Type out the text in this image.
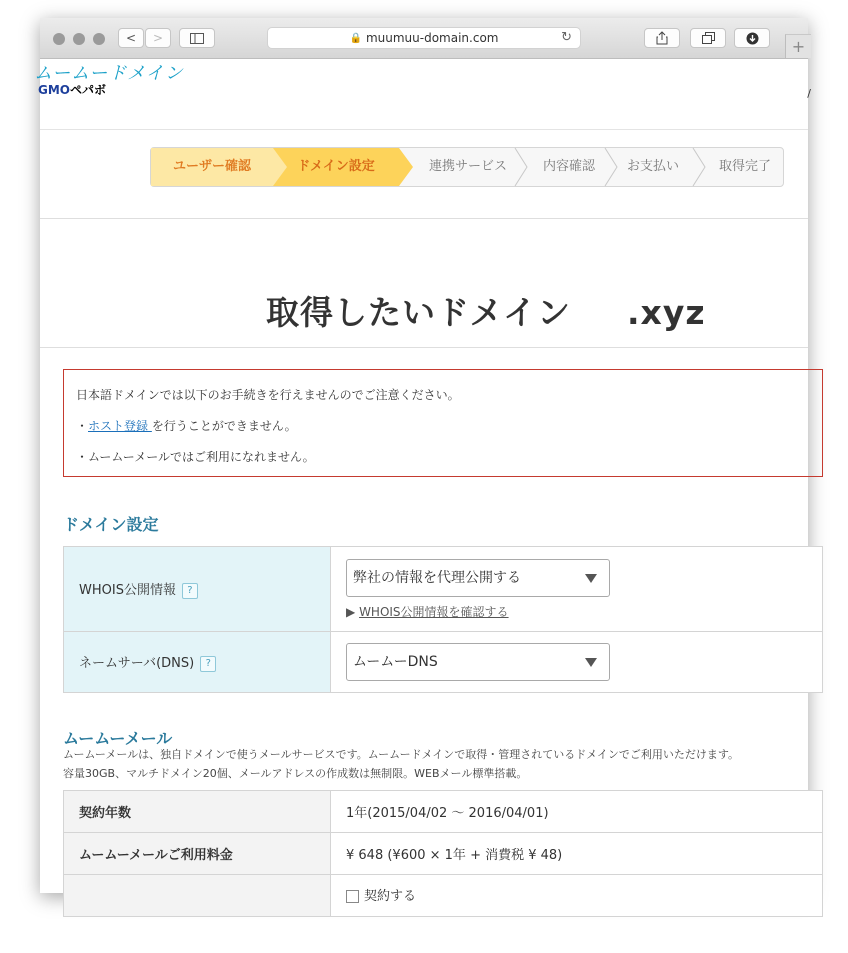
< >	🔒 muumuu-domain.com	↻	+
ムームードメイン
GMOペパボ	/
ユーザー確認	ドメイン設定	連携サービス	内容確認	お支払い	取得完了
取得したいドメイン .xyz

日本語ドメインでは以下のお手続きを行えませんのでご注意ください。

・ホスト登録 を行うことができません。

・ムームーメールではご利用になれません。

ドメイン設定
WHOIS公開情報 ?	弊社の情報を代理公開する
▶ WHOIS公開情報を確認する

ネームサーバ(DNS) ?	ムームーDNS
ムームーメール
ムームーメールは、独自ドメインで使うメールサービスです。ムームードメインで取得・管理されているドメインでご利用いただけます。
容量30GB、マルチドメイン20個、メールアドレスの作成数は無制限。WEBメール標準搭載。
契約年数	1年(2015/04/02 〜 2016/04/01)
ムームーメールご利用料金	¥ 648 (¥600 × 1年 + 消費税 ¥ 48)
	契約する
